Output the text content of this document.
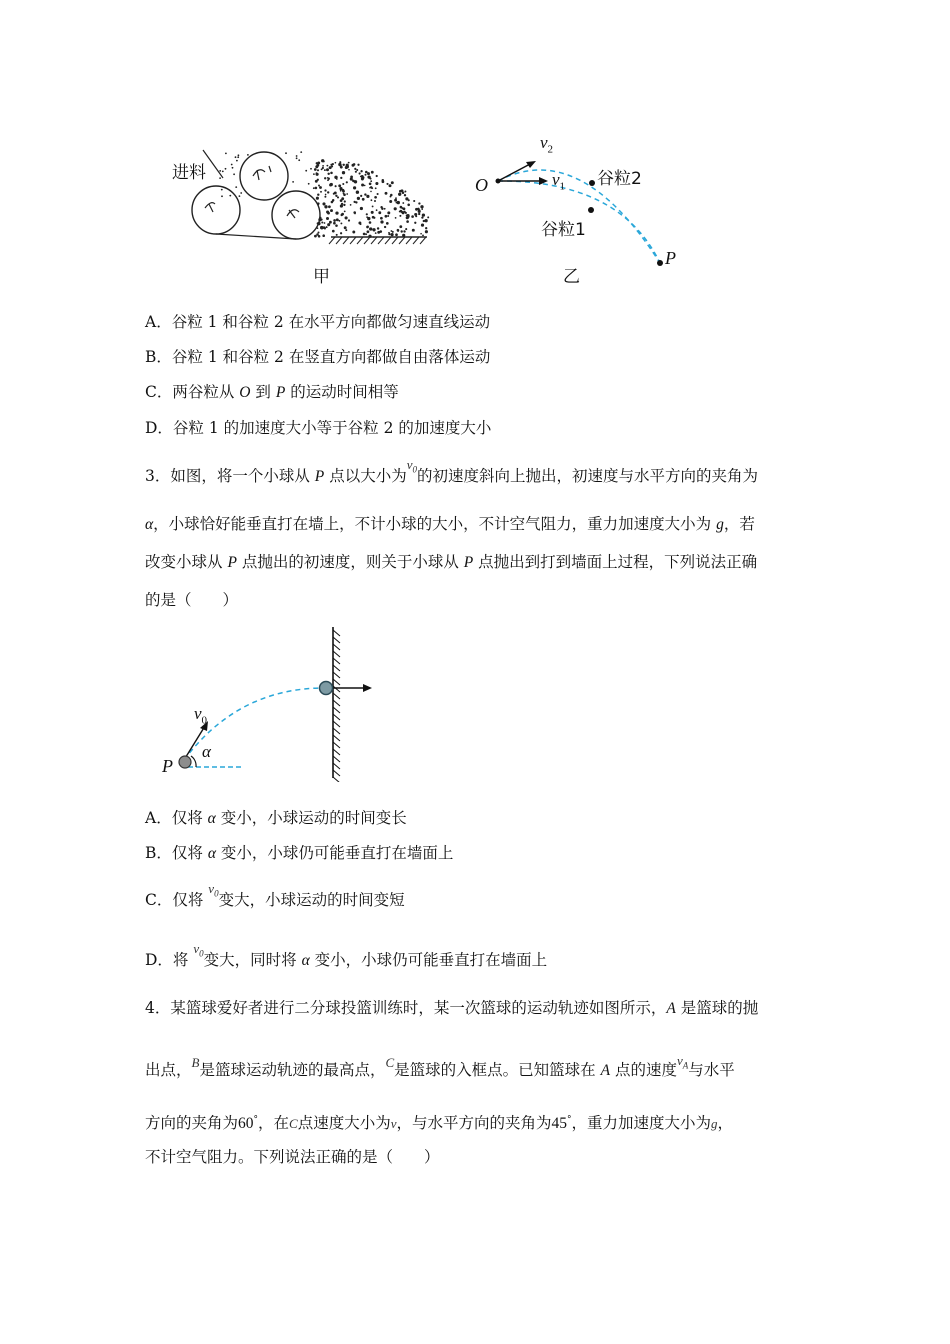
进料
甲
O
P
$v_2$
$v_1$ 谷粒2
谷粒1
乙
A．谷粒 1 和谷粒 2 在水平方向都做匀速直线运动
B．谷粒 1 和谷粒 2 在竖直方向都做自由落体运动
C．两谷粒从 O 到 P 的运动时间相等
D．谷粒 1 的加速度大小等于谷粒 2 的加速度大小
3．如图，将一个小球从 P 点以大小为$^{v_0}$的初速度斜向上抛出，初速度与水平方向的夹角为
α，小球恰好能垂直打在墙上，不计小球的大小，不计空气阻力，重力加速度大小为 g，若
改变小球从 P 点抛出的初速度，则关于小球从 P 点抛出到打到墙面上过程，下列说法正确
的是（　　）
$v_0$
α
P
A．仅将 α 变小，小球运动的时间变长
B．仅将 α 变小，小球仍可能垂直打在墙面上
C．仅将 $^{v_0}$变大，小球运动的时间变短
D．将 $^{v_0}$变大，同时将 α 变小，小球仍可能垂直打在墙面上
4．某篮球爱好者进行二分球投篮训练时，某一次篮球的运动轨迹如图所示，A 是篮球的抛
出点，$^B$是篮球运动轨迹的最高点，$^C$是篮球的入框点。已知篮球在 A 点的速度$^{v_A}$与水平
方向的夹角为60°，在C点速度大小为v，与水平方向的夹角为45°，重力加速度大小为g，
不计空气阻力。下列说法正确的是（　　）
